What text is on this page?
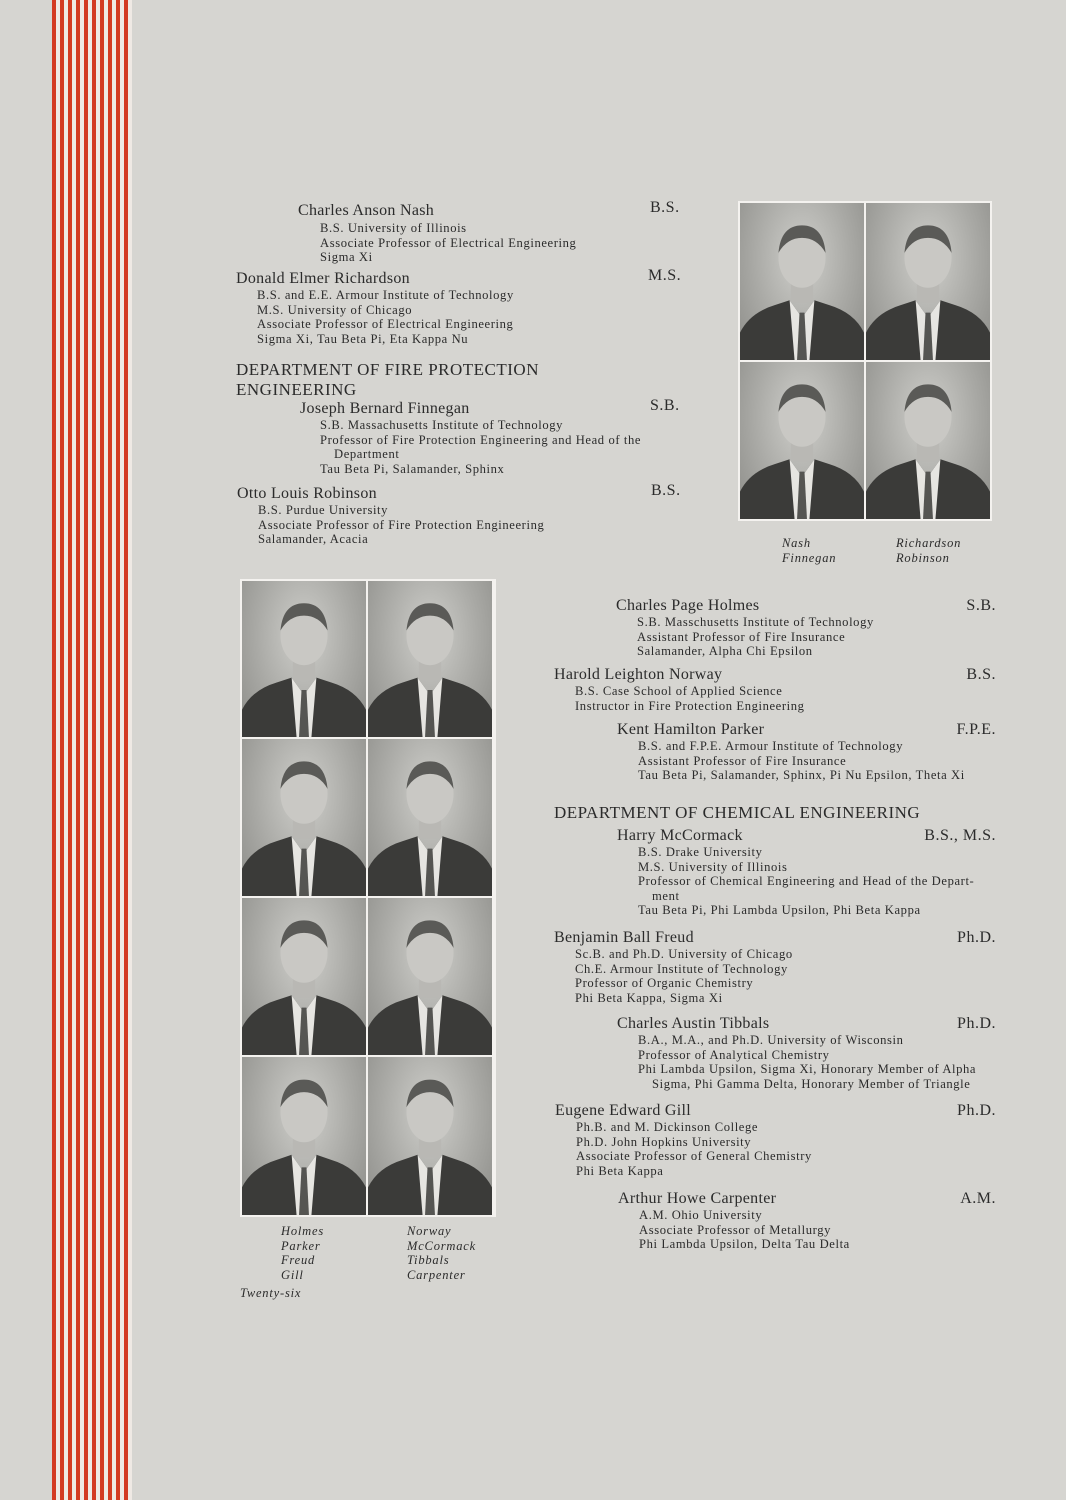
Charles Anson Nash	B.S.
B.S. University of Illinois
Associate Professor of Electrical Engineering
Sigma Xi
Donald Elmer Richardson	M.S.
B.S. and E.E. Armour Institute of Technology
M.S. University of Chicago
Associate Professor of Electrical Engineering
Sigma Xi, Tau Beta Pi, Eta Kappa Nu
DEPARTMENT OF FIRE PROTECTION
ENGINEERING
Joseph Bernard Finnegan	S.B.
S.B. Massachusetts Institute of Technology
Professor of Fire Protection Engineering and Head of the
Department
Tau Beta Pi, Salamander, Sphinx
Otto Louis Robinson	B.S.
B.S. Purdue University
Associate Professor of Fire Protection Engineering
Salamander, Acacia	Nash
Finnegan
Richardson
Robinson
Holmes
Parker
Freud
Gill
Norway
McCormack
Tibbals
Carpenter
Twenty-six
Charles Page Holmes	S.B.
S.B. Masschusetts Institute of Technology
Assistant Professor of Fire Insurance
Salamander, Alpha Chi Epsilon
Harold Leighton Norway	B.S.
B.S. Case School of Applied Science
Instructor in Fire Protection Engineering
Kent Hamilton Parker	F.P.E.
B.S. and F.P.E. Armour Institute of Technology
Assistant Professor of Fire Insurance
Tau Beta Pi, Salamander, Sphinx, Pi Nu Epsilon, Theta Xi
DEPARTMENT OF CHEMICAL ENGINEERING
Harry McCormack	B.S., M.S.
B.S. Drake University
M.S. University of Illinois
Professor of Chemical Engineering and Head of the Depart-
ment
Tau Beta Pi, Phi Lambda Upsilon, Phi Beta Kappa
Benjamin Ball Freud	Ph.D.
Sc.B. and Ph.D. University of Chicago
Ch.E. Armour Institute of Technology
Professor of Organic Chemistry
Phi Beta Kappa, Sigma Xi
Charles Austin Tibbals	Ph.D.
B.A., M.A., and Ph.D. University of Wisconsin
Professor of Analytical Chemistry
Phi Lambda Upsilon, Sigma Xi, Honorary Member of Alpha
Sigma, Phi Gamma Delta, Honorary Member of Triangle
Eugene Edward Gill	Ph.D.
Ph.B. and M. Dickinson College
Ph.D. John Hopkins University
Associate Professor of General Chemistry
Phi Beta Kappa
Arthur Howe Carpenter	A.M.
A.M. Ohio University
Associate Professor of Metallurgy
Phi Lambda Upsilon, Delta Tau Delta
